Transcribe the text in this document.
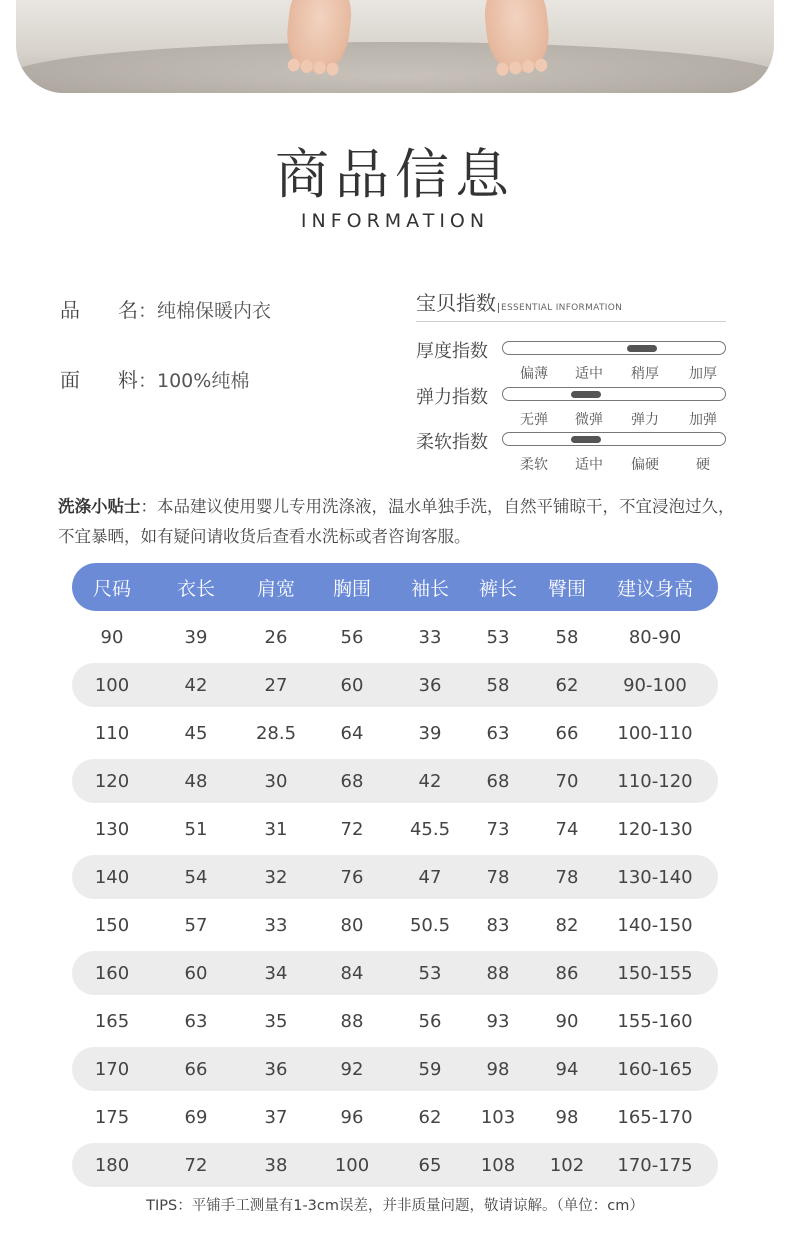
商品信息
INFORMATION
品 名：纯棉保暖内衣
面 料：100%纯棉
宝贝指数 ESSENTIAL INFORMATION
厚度指数
偏薄	适中	稍厚	加厚
弹力指数
无弹	微弹	弹力	加弹
柔软指数
柔软	适中	偏硬	硬
洗涤小贴士：本品建议使用婴儿专用洗涤液，温水单独手洗，自然平铺晾干，不宜浸泡过久，不宜暴晒，如有疑问请收货后查看水洗标或者咨询客服。
尺码	衣长	肩宽	胸围	袖长	裤长	臀围	建议身高
90	39	26	56	33	53	58	80-90
100	42	27	60	36	58	62	90-100
110	45	28.5	64	39	63	66	100-110
120	48	30	68	42	68	70	110-120
130	51	31	72	45.5	73	74	120-130
140	54	32	76	47	78	78	130-140
150	57	33	80	50.5	83	82	140-150
160	60	34	84	53	88	86	150-155
165	63	35	88	56	93	90	155-160
170	66	36	92	59	98	94	160-165
175	69	37	96	62	103	98	165-170
180	72	38	100	65	108	102	170-175
TIPS：平铺手工测量有1-3cm误差，并非质量问题，敬请谅解。（单位：cm）
